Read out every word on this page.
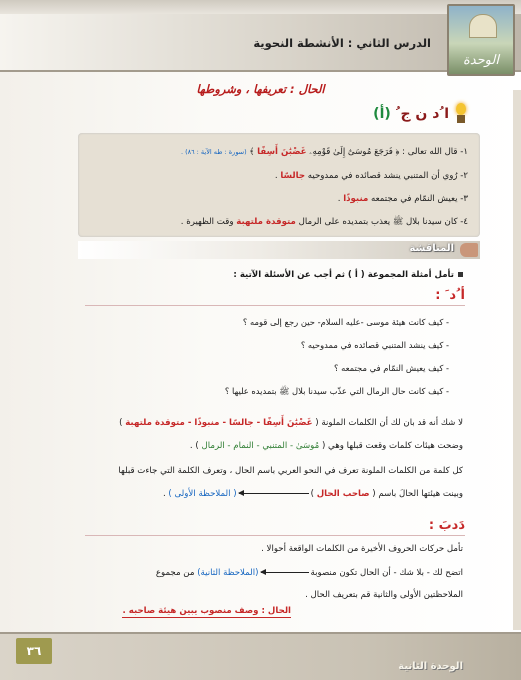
الدرس الثاني : الأنشطة النحوية
الوحدة
الحال : تعريفها ، وشروطها
ا ُد ن ج ُ (أ)
١- قال الله تعالى : ﴿ فَرَجَعَ مُوسَىٰٓ إِلَىٰ قَوْمِهِۦ غَضْبَٰنَ أَسِفًا ﴾ (سورة : طه الآية : ٨٦) .
٢- رُوي أن المتنبي ينشد قصائده في ممدوحيه جالسًا .
٣- يعيش النمّام في مجتمعه منبوذًا .
٤- كان سيدنا بلال ﷺ يعذب بتمديده على الرمال متوقدة ملتهبة وقت الظهيرة .
المناقشة
تأمل أمثلة المجموعة ( أ ) ثم أجب عن الأسئلة الآتية :
أ ُد َ :
- كيف كانت هيئة موسى -عليه السلام- حين رجع إلى قومه ؟
- كيف ينشد المتنبي قصائده في ممدوحيه ؟
- كيف يعيش النمّام في مجتمعه ؟
- كيف كانت حال الرمال التي عذّب سيدنا بلال ﷺ بتمديده عليها ؟
لا شك أنه قد بان لك أن الكلمات الملونة ( غَضْبَٰنَ أَسِفًا - جالسًا - منبوذًا - متوقدة ملتهبة )
وضحت هيئات كلمات وقعت قبلها وهي ( مُوسَىٰ - المتنبي - النمام - الرمال ) .
كل كلمة من الكلمات الملونة تعرف في النحو العربي باسم الحال ، وتعرف الكلمة التي جاءت قبلها
وبينت هيئتها الحالَ باسم ( صاحب الحال )( الملاحظة الأولى ) .
دَدبَ :
تأمل حركات الحروف الأخيرة من الكلمات الواقعة أحوالا .
اتضح لك - بلا شك - أن الحال تكون منصوبة(الملاحظة الثانية) من مجموع
الملاحظتين الأولى والثانية قم بتعريف الحال .
الحال : وصف منصوب يبين هيئة صاحبه .
٣٦
الوحدة الثانية
